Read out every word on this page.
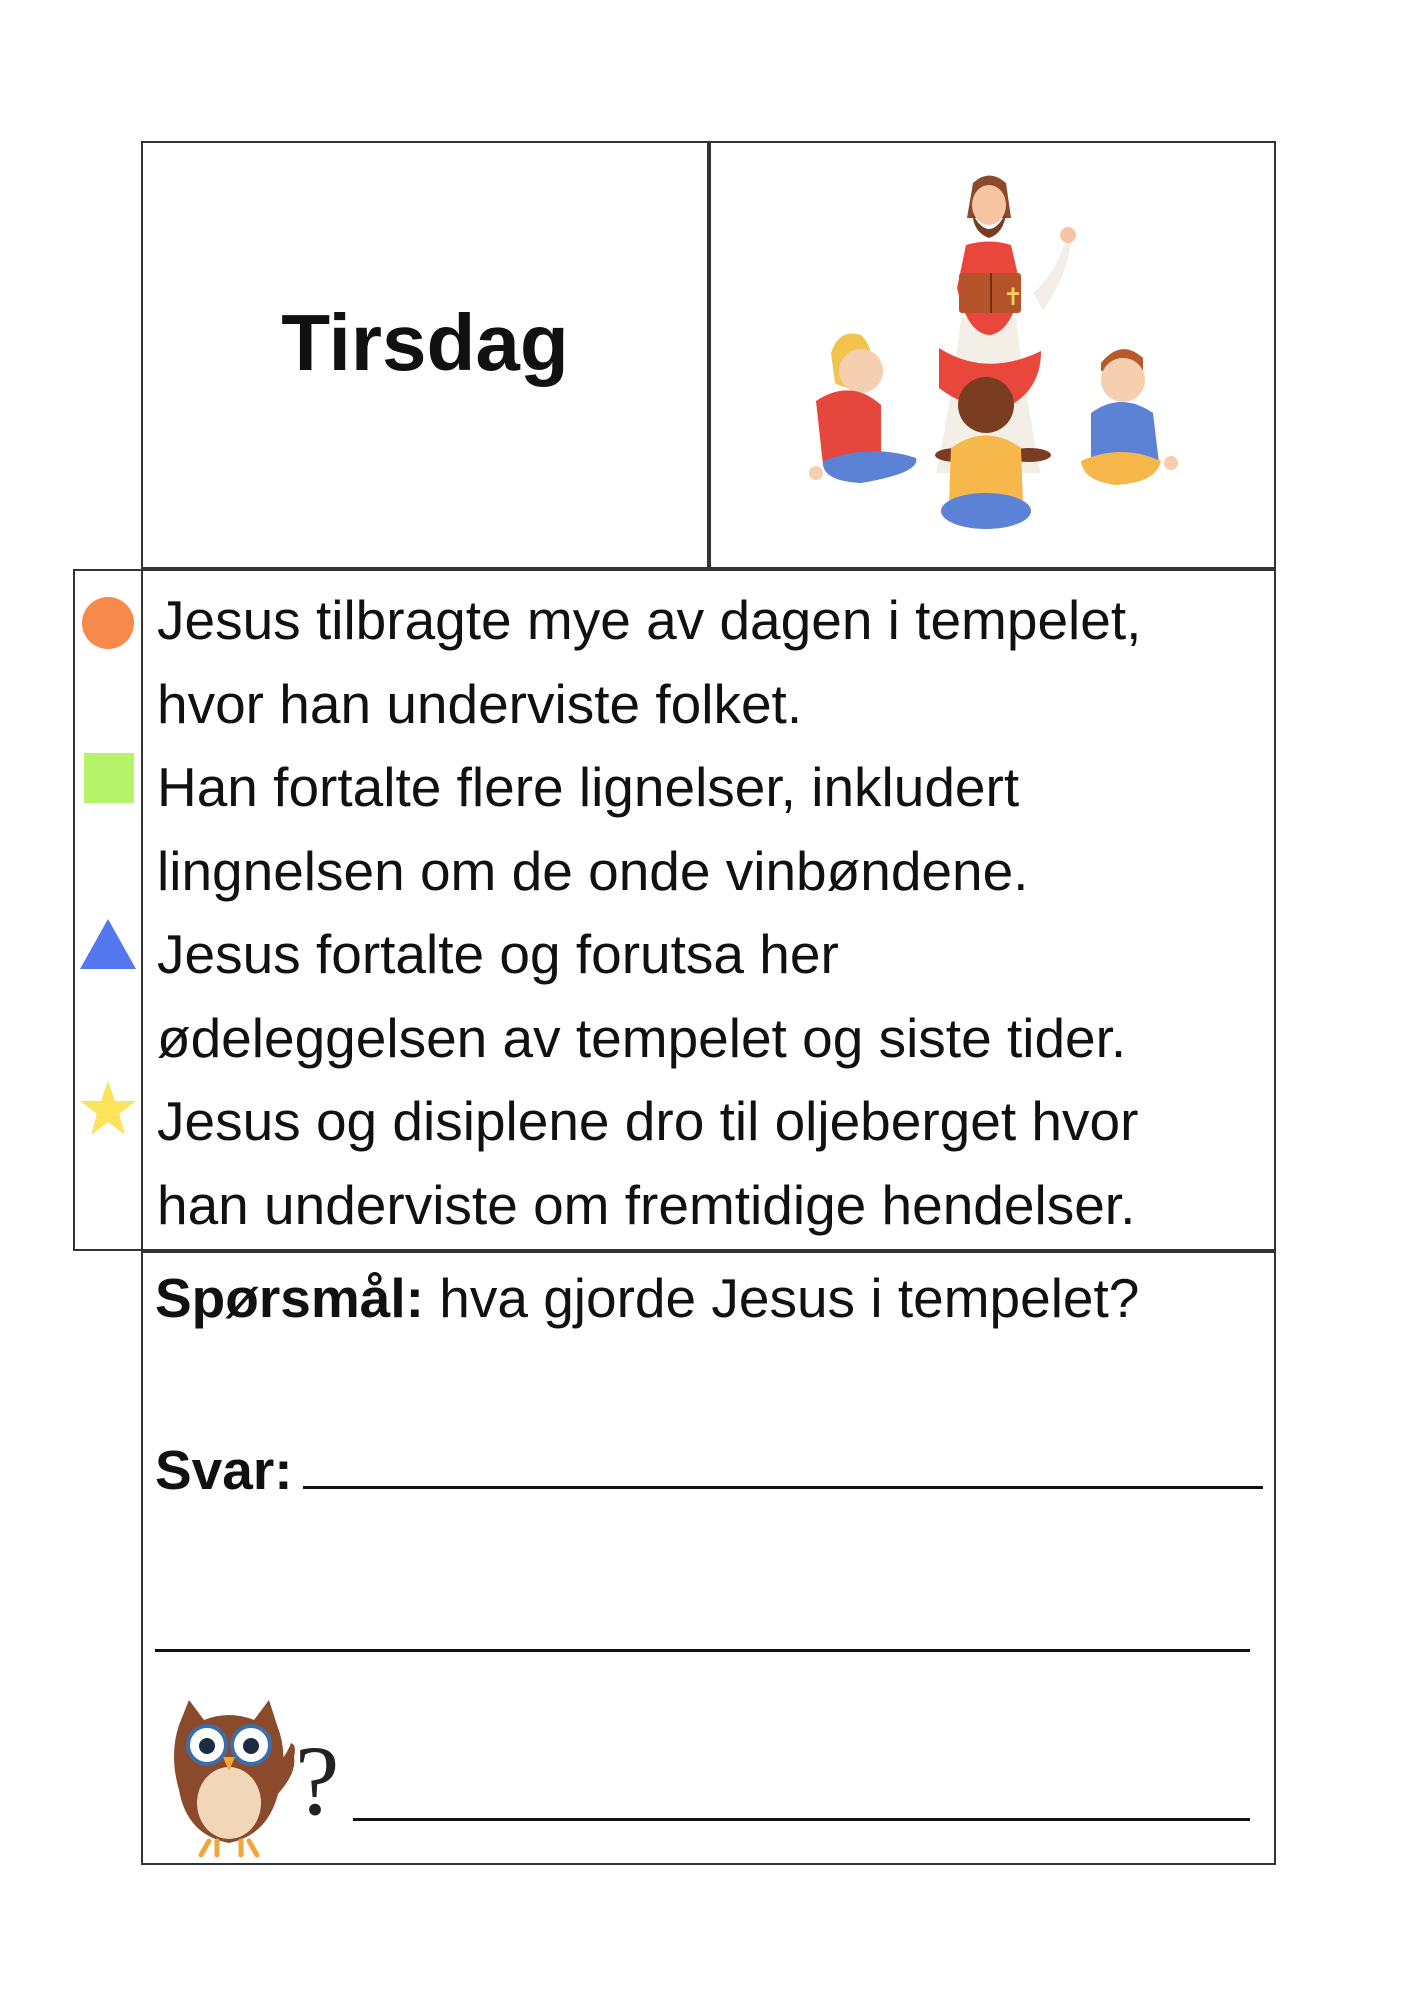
Tirsdag
✝
Jesus tilbragte mye av dagen i tempelet,
hvor han underviste folket.
Han fortalte flere lignelser, inkludert
lingnelsen om de onde vinbøndene.
Jesus fortalte og forutsa her
ødeleggelsen av tempelet og siste tider.
Jesus og disiplene dro til oljeberget hvor
han underviste om fremtidige hendelser.
Spørsmål: hva gjorde Jesus i tempelet?
Svar:
?
